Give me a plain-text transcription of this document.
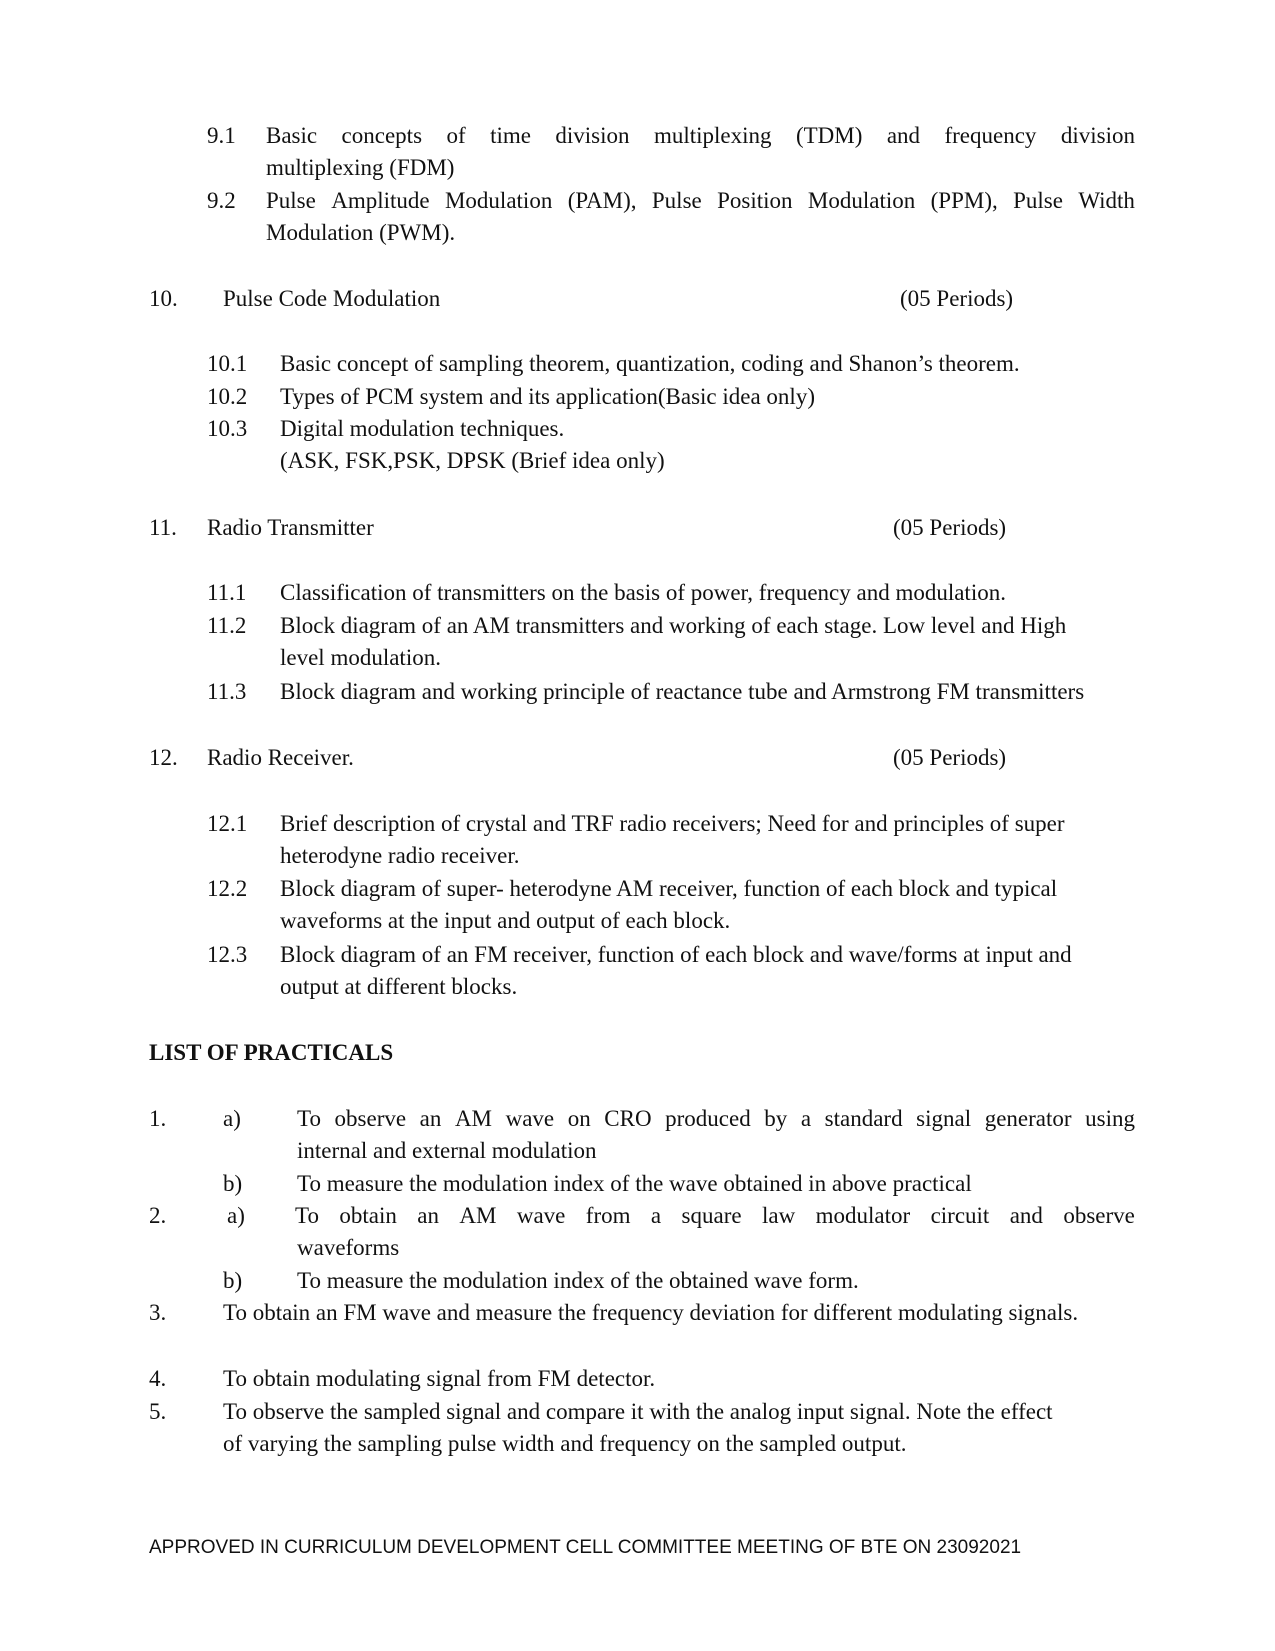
9.1 Basic concepts of time division multiplexing (TDM) and frequency division
multiplexing (FDM)
9.2 Pulse Amplitude Modulation (PAM), Pulse Position Modulation (PPM), Pulse Width
Modulation (PWM).
10. Pulse Code Modulation	(05 Periods)
10.1 Basic concept of sampling theorem, quantization, coding and Shanon’s theorem.
10.2 Types of PCM system and its application(Basic idea only)
10.3 Digital modulation techniques.
(ASK, FSK,PSK, DPSK (Brief idea only)
11. Radio Transmitter	(05 Periods)
11.1 Classification of transmitters on the basis of power, frequency and modulation.
11.2 Block diagram of an AM transmitters and working of each stage. Low level and High
level modulation.
11.3 Block diagram and working principle of reactance tube and Armstrong FM transmitters
12. Radio Receiver.	(05 Periods)
12.1 Brief description of crystal and TRF radio receivers; Need for and principles of super
heterodyne radio receiver.
12.2 Block diagram of super- heterodyne AM receiver, function of each block and typical
waveforms at the input and output of each block.
12.3 Block diagram of an FM receiver, function of each block and wave/forms at input and
output at different blocks.
LIST OF PRACTICALS
1. a) To observe an AM wave on CRO produced by a standard signal generator using
internal and external modulation
b) To measure the modulation index of the wave obtained in above practical
2.	a) To obtain an AM wave from a square law modulator circuit and observe
waveforms
b) To measure the modulation index of the obtained wave form.
3. To obtain an FM wave and measure the frequency deviation for different modulating signals.
4. To obtain modulating signal from FM detector.
5. To observe the sampled signal and compare it with the analog input signal. Note the effect
of varying the sampling pulse width and frequency on the sampled output.
APPROVED IN CURRICULUM DEVELOPMENT CELL COMMITTEE MEETING OF BTE ON 23092021
